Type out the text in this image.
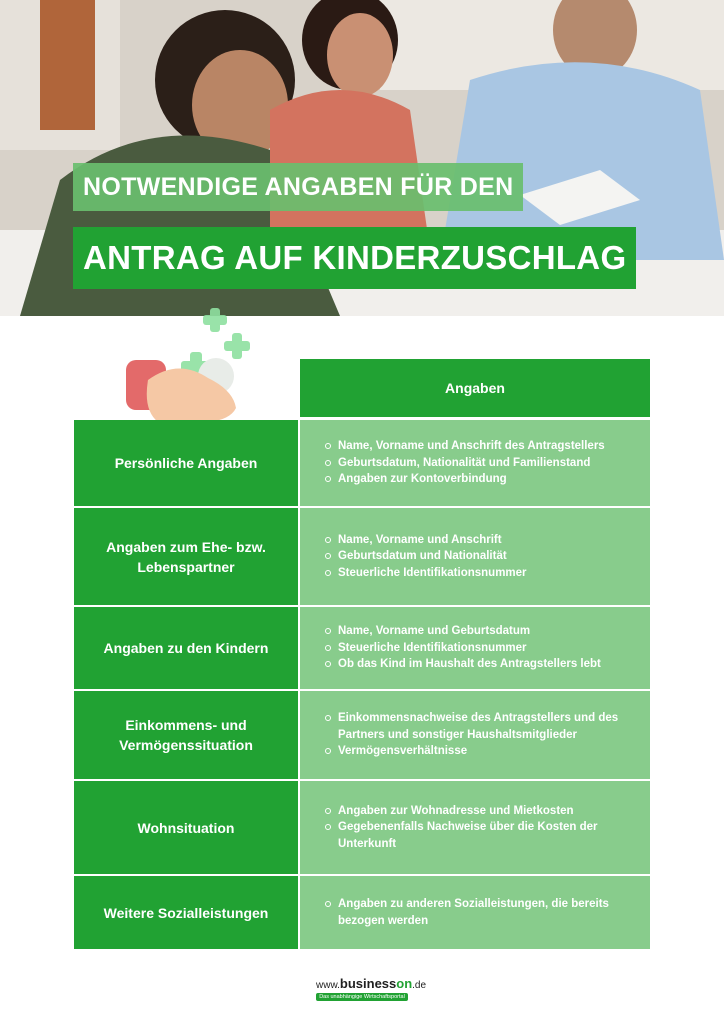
NOTWENDIGE ANGABEN FÜR DEN
ANTRAG AUF KINDERZUSCHLAG
Angaben
Persönliche Angaben
Name, Vorname und Anschrift des Antragstellers
Geburtsdatum, Nationalität und Familienstand
Angaben zur Kontoverbindung
Angaben zum Ehe- bzw. Lebenspartner
Name, Vorname und Anschrift
Geburtsdatum und Nationalität
Steuerliche Identifikationsnummer
Angaben zu den Kindern
Name, Vorname und Geburtsdatum
Steuerliche Identifikationsnummer
Ob das Kind im Haushalt des Antragstellers lebt
Einkommens- und Vermögenssituation
Einkommensnachweise des Antragstellers und des Partners und sonstiger Haushaltsmitglieder
Vermögensverhältnisse
Wohnsituation
Angaben zur Wohnadresse und Mietkosten
Gegebenenfalls Nachweise über die Kosten der Unterkunft
Weitere Sozialleistungen
Angaben zu anderen Sozialleistungen, die bereits bezogen werden
www.businesson.de
Das unabhängige Wirtschaftsportal
